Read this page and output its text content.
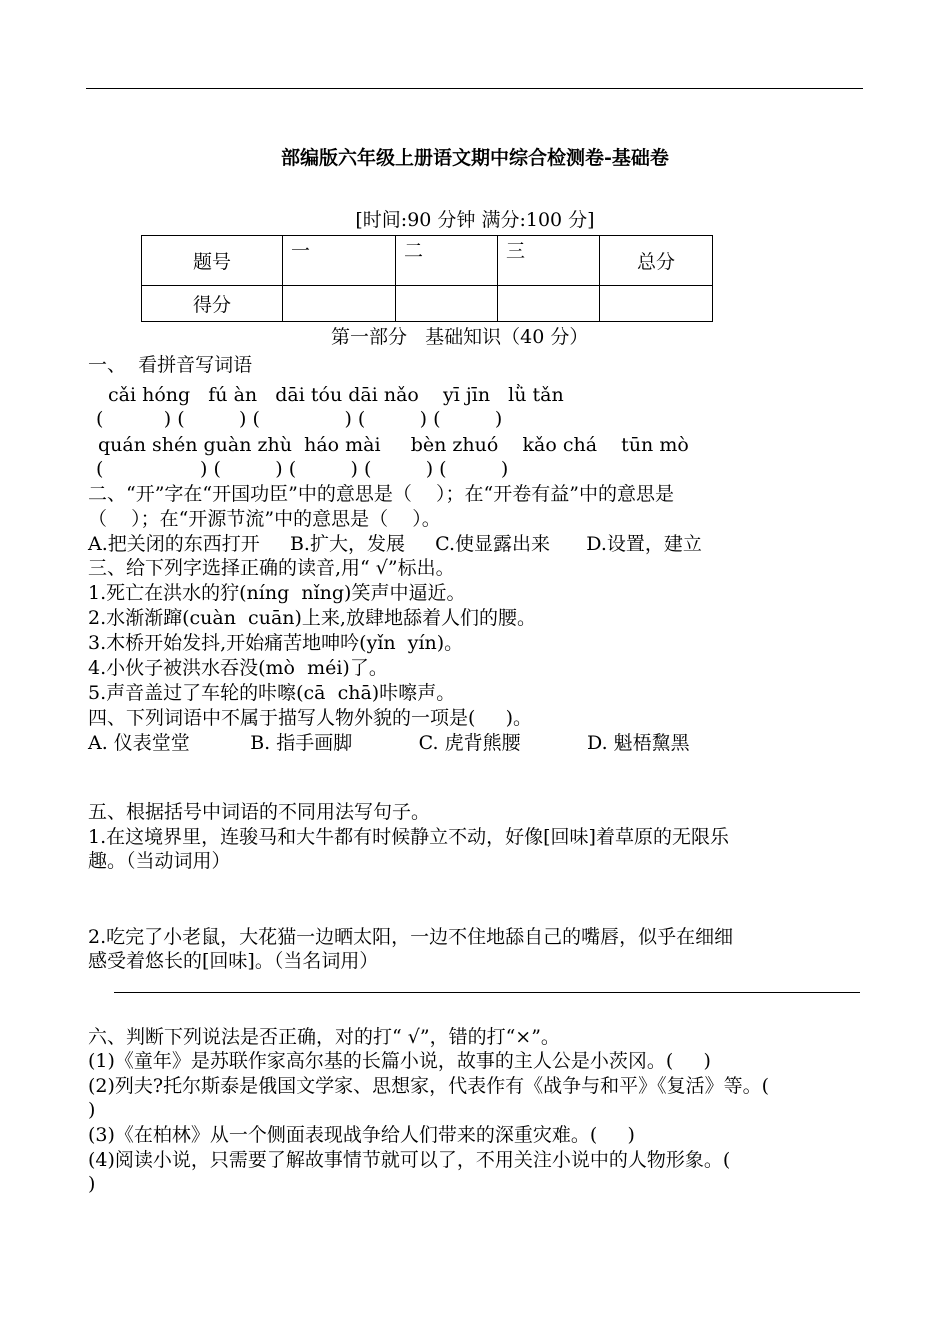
部编版六年级上册语文期中综合检测卷-基础卷
[时间:90 分钟 满分:100 分]
题号	一	二	三	总分
得分				
第一部分   基础知识（40 分）
一、  看拼音写词语
cǎi hóng   fú àn   dāi tóu dāi nǎo    yī jīn   lǜ tǎn
(          ) (         ) (              ) (         ) (         )
quán shén guàn zhù  háo mài     bèn zhuó    kǎo chá    tūn mò
(                ) (         ) (         ) (         ) (         )
二、“开”字在“开国功臣”中的意思是（    ）；在“开卷有益”中的意思是
（    ）；在“开源节流”中的意思是（    ）。
A.把关闭的东西打开     B.扩大，发展     C.使显露出来      D.设置，建立
三、给下列字选择正确的读音,用“ √”标出。
1.死亡在洪水的狞(níng  nǐng)笑声中逼近。
2.水渐渐蹿(cuàn  cuān)上来,放肆地舔着人们的腰。
3.木桥开始发抖,开始痛苦地呻吟(yǐn  yín)。
4.小伙子被洪水吞没(mò  méi)了。
5.声音盖过了车轮的咔嚓(cā  chā)咔嚓声。
四、下列词语中不属于描写人物外貌的一项是(     )。
A. 仪表堂堂          B. 指手画脚           C. 虎背熊腰           D. 魁梧黧黑
五、根据括号中词语的不同用法写句子。
1.在这境界里，连骏马和大牛都有时候静立不动，好像[回味]着草原的无限乐
趣。（当动词用）
2.吃完了小老鼠，大花猫一边晒太阳，一边不住地舔自己的嘴唇，似乎在细细
感受着悠长的[回味]。（当名词用）
六、判断下列说法是否正确，对的打“ √”，错的打“×”。
(1)《童年》是苏联作家高尔基的长篇小说，故事的主人公是小茨冈。(     )
(2)列夫?托尔斯泰是俄国文学家、思想家，代表作有《战争与和平》《复活》等。(
)
(3)《在柏林》从一个侧面表现战争给人们带来的深重灾难。(     )
(4)阅读小说，只需要了解故事情节就可以了，不用关注小说中的人物形象。(
)
